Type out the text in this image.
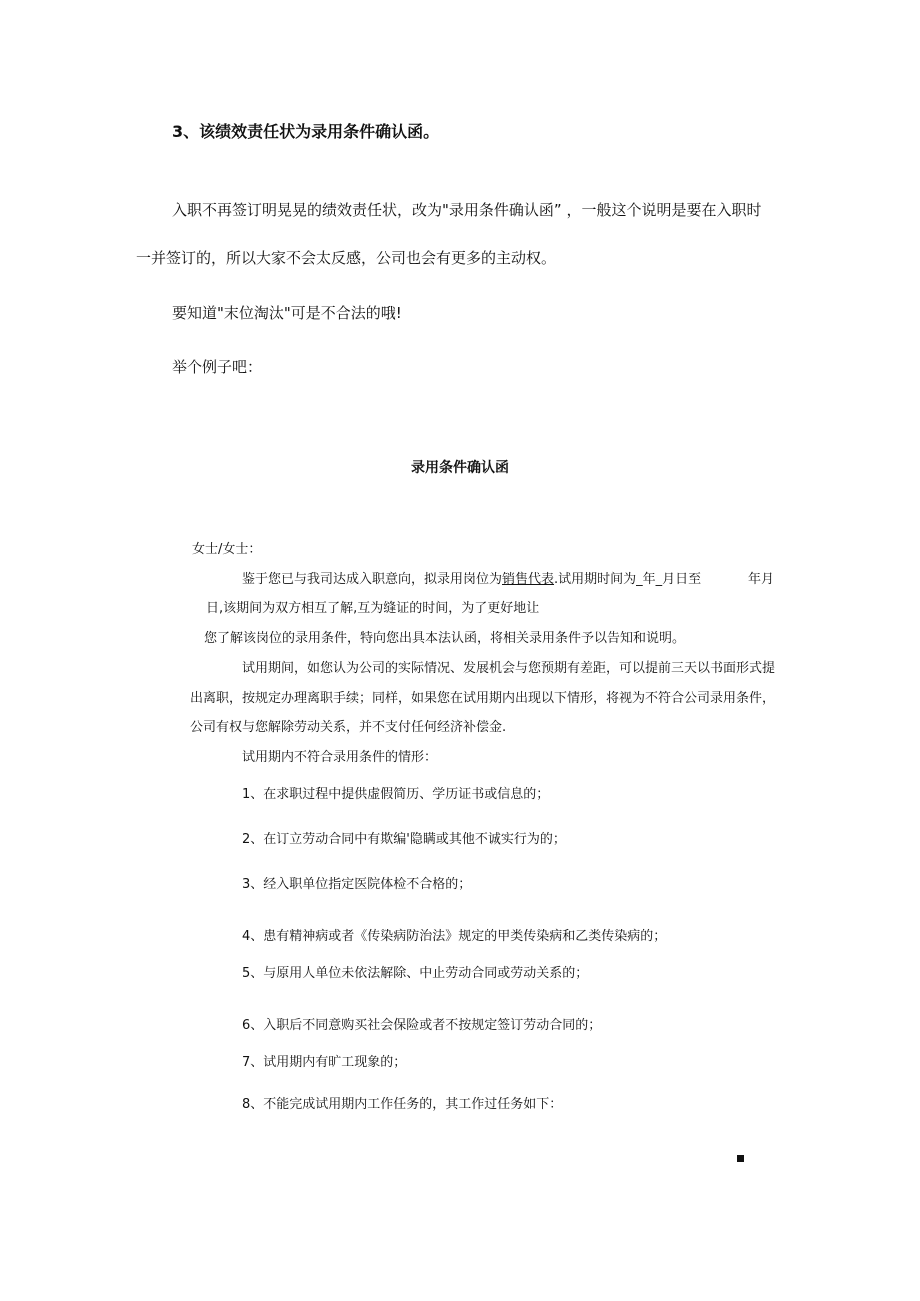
3、该绩效责任状为录用条件确认函。

入职不再签订明晃晃的绩效责任状，改为"录用条件确认函” ，一般这个说明是要在入职时

一并签订的，所以大家不会太反感，公司也会有更多的主动权。

要知道"末位淘汰"可是不合法的哦!

举个例子吧：

录用条件确认函

女士/女士：

鉴于您已与我司达成入职意向，拟录用岗位为销售代表.试用期时间为_年_月日至	年月

日,该期间为双方相互了解,互为缝证的时间，为了更好地让

您了解该岗位的录用条件，特向您出具本法认函，将相关录用条件予以告知和说明。

试用期间，如您认为公司的实际情况、发展机会与您预期有差距，可以提前三天以书面形式提

出离职，按规定办理离职手续；同样，如果您在试用期内出现以下情形，将视为不符合公司录用条件，

公司有权与您解除劳动关系，并不支付任何经济补偿金.

试用期内不符合录用条件的情形：

1、在求职过程中提供虚假简历、学历证书或信息的；

2、在订立劳动合同中有欺编'隐瞒或其他不诚实行为的；

3、经入职单位指定医院体检不合格的；

4、患有精神病或者《传染病防治法》规定的甲类传染病和乙类传染病的；

5、与原用人单位未依法解除、中止劳动合同或劳动关系的；

6、入职后不同意购买社会保险或者不按规定签订劳动合同的；

7、试用期内有旷工现象的；

8、不能完成试用期内工作任务的，其工作过任务如下：
